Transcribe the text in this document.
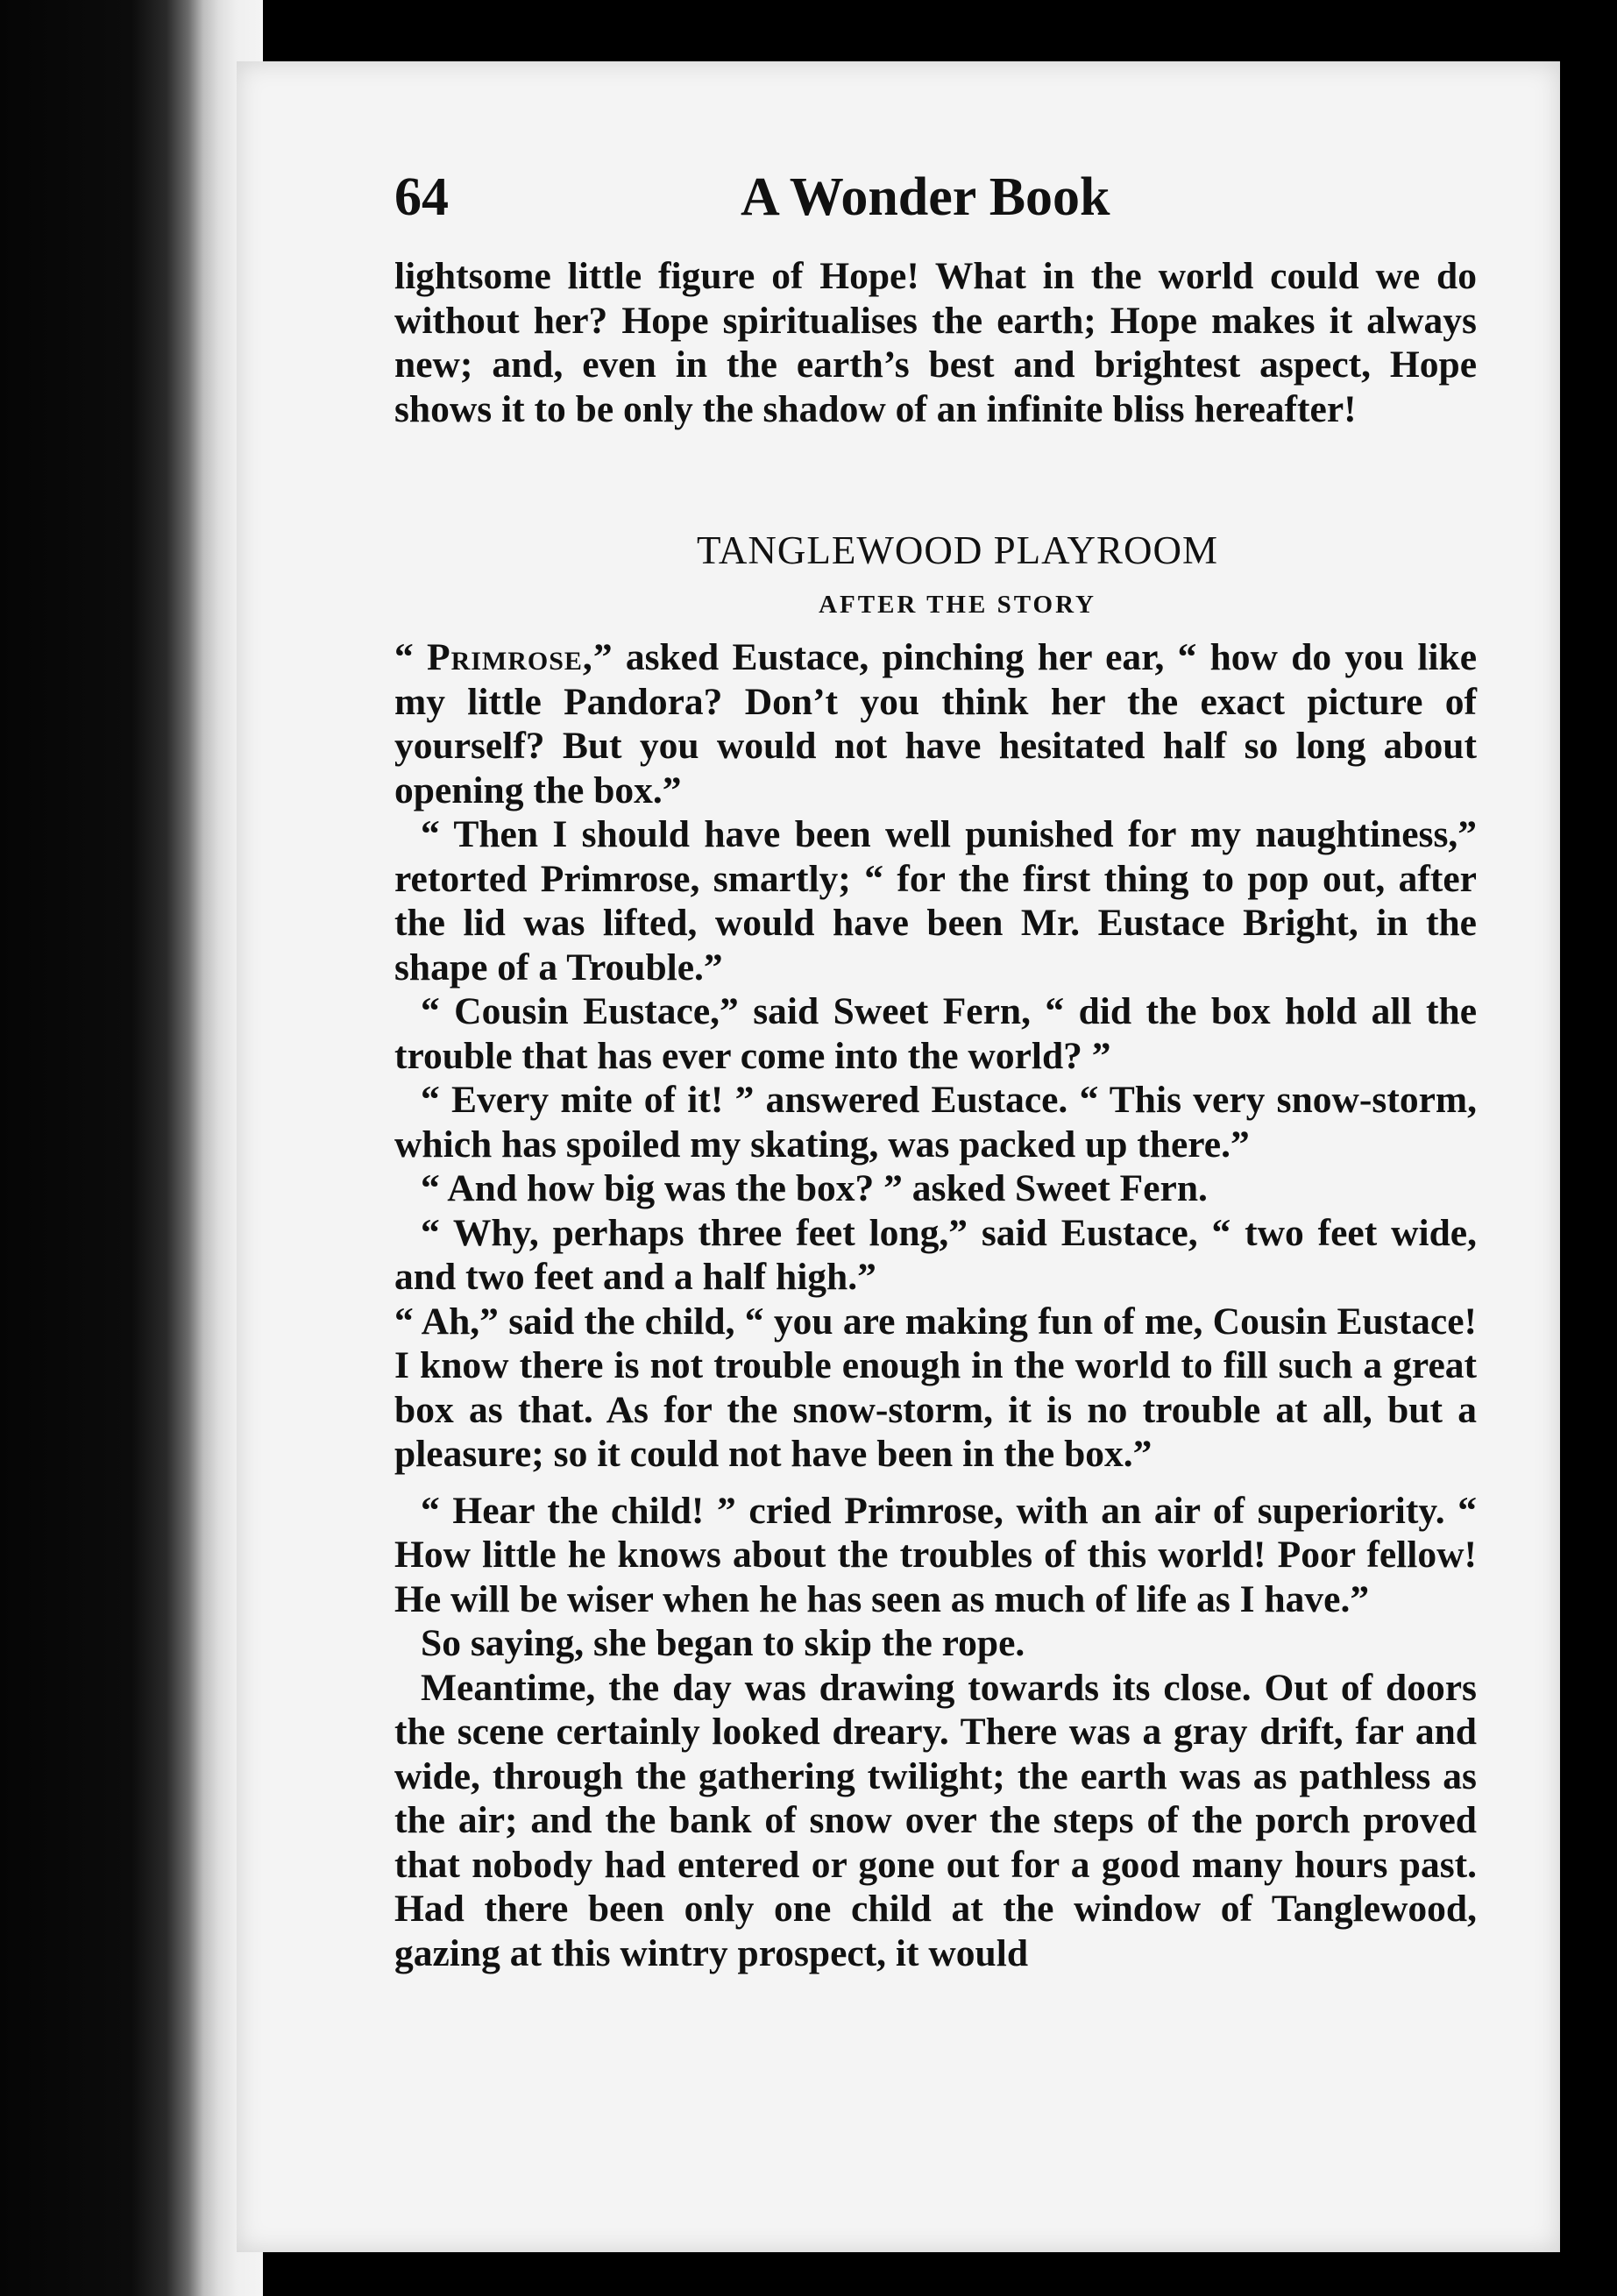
64	A Wonder Book

lightsome little figure of Hope! What in the world could we do without her? Hope spiritualises the earth; Hope makes it always new; and, even in the earth’s best and brightest aspect, Hope shows it to be only the shadow of an infinite bliss hereafter!

TANGLEWOOD PLAYROOM
AFTER THE STORY

“ Primrose,” asked Eustace, pinching her ear, “ how do you like my little Pandora? Don’t you think her the exact picture of yourself? But you would not have hesitated half so long about opening the box.”

“ Then I should have been well punished for my naughtiness,” retorted Primrose, smartly; “ for the first thing to pop out, after the lid was lifted, would have been Mr. Eustace Bright, in the shape of a Trouble.”

“ Cousin Eustace,” said Sweet Fern, “ did the box hold all the trouble that has ever come into the world? ”

“ Every mite of it! ” answered Eustace. “ This very snow-storm, which has spoiled my skating, was packed up there.”

“ And how big was the box? ” asked Sweet Fern.

“ Why, perhaps three feet long,” said Eustace, “ two feet wide, and two feet and a half high.”

“ Ah,” said the child, “ you are making fun of me, Cousin Eustace! I know there is not trouble enough in the world to fill such a great box as that. As for the snow-storm, it is no trouble at all, but a pleasure; so it could not have been in the box.”

“ Hear the child! ” cried Primrose, with an air of superiority. “ How little he knows about the troubles of this world! Poor fellow! He will be wiser when he has seen as much of life as I have.”

So saying, she began to skip the rope.

Meantime, the day was drawing towards its close. Out of doors the scene certainly looked dreary. There was a gray drift, far and wide, through the gathering twilight; the earth was as pathless as the air; and the bank of snow over the steps of the porch proved that nobody had entered or gone out for a good many hours past. Had there been only one child at the window of Tanglewood, gazing at this wintry prospect, it would
